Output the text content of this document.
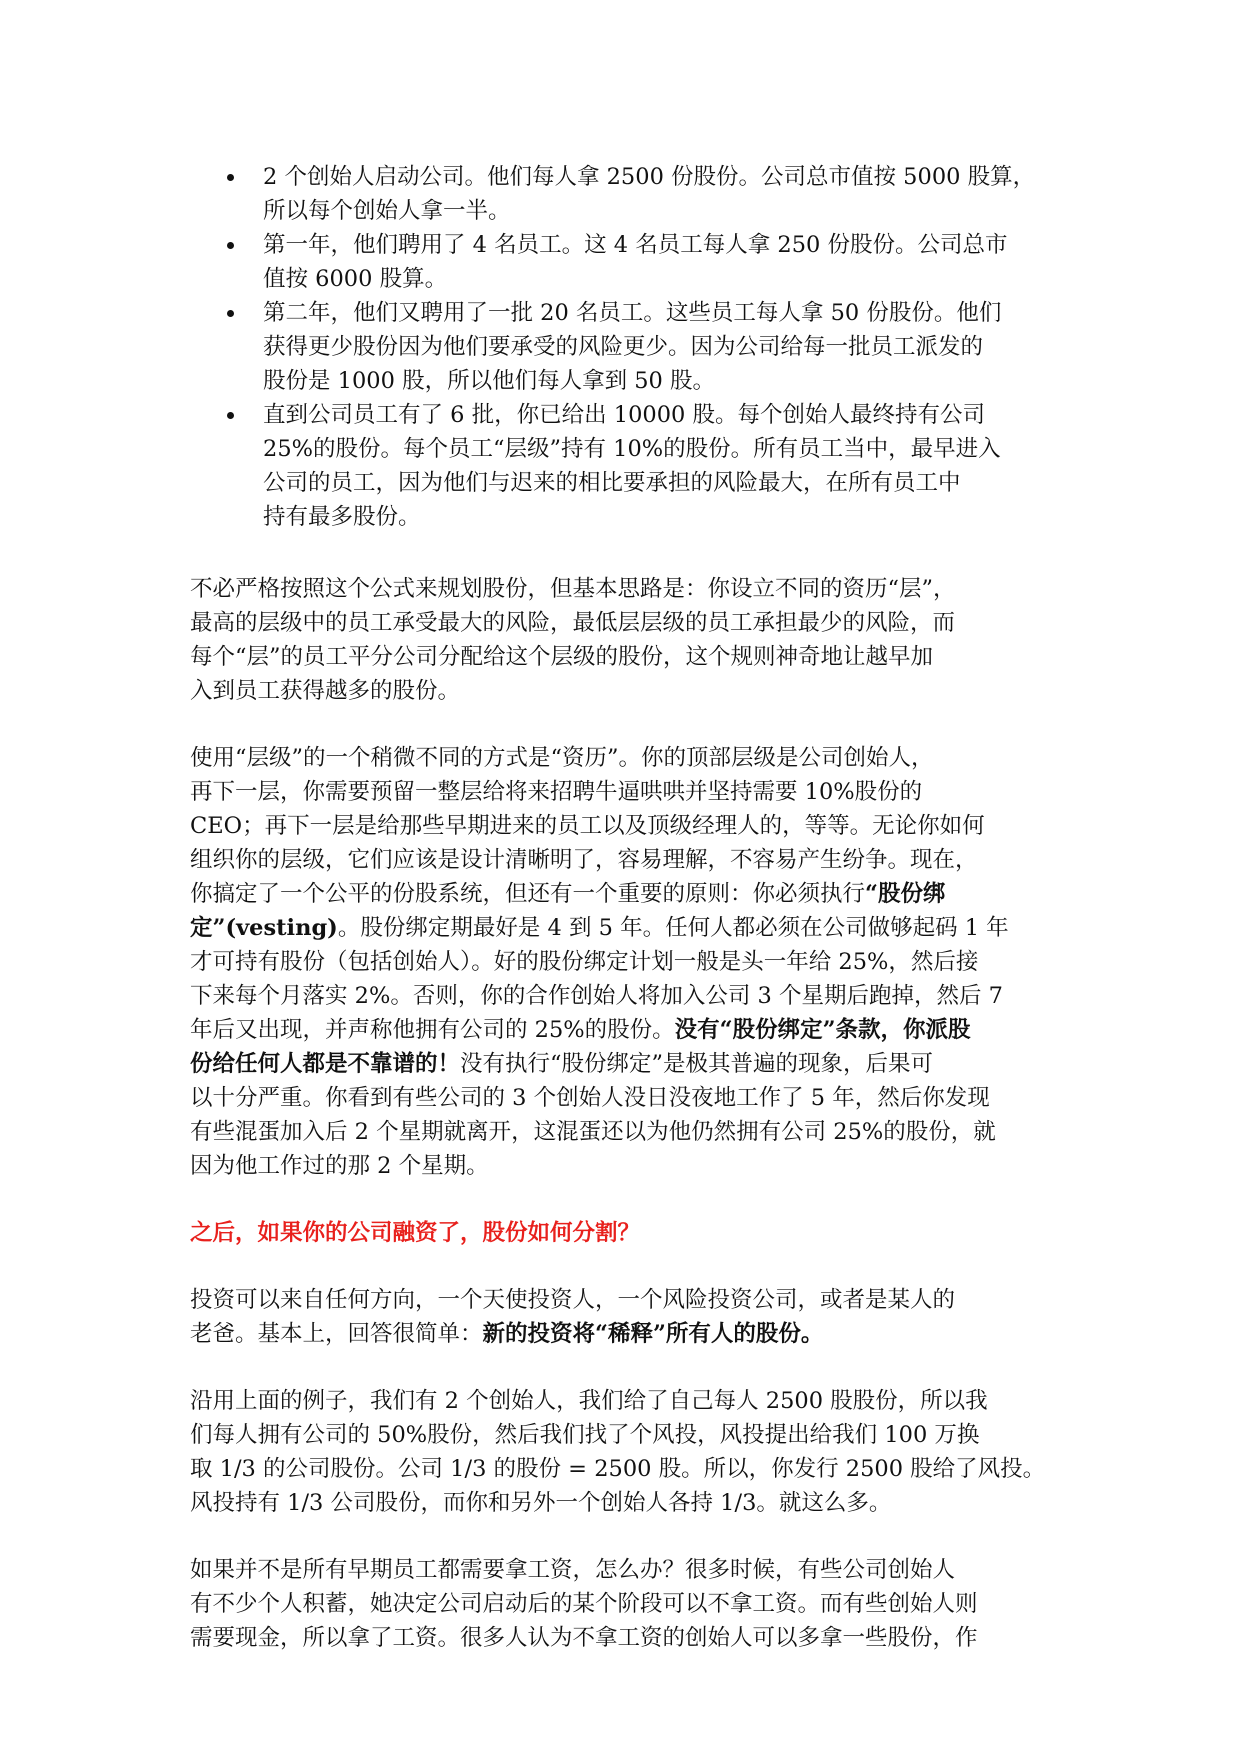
2 个创始人启动公司。他们每人拿 2500 份股份。公司总市值按 5000 股算，
所以每个创始人拿一半。
第一年，他们聘用了 4 名员工。这 4 名员工每人拿 250 份股份。公司总市
值按 6000 股算。
第二年，他们又聘用了一批 20 名员工。这些员工每人拿 50 份股份。他们
获得更少股份因为他们要承受的风险更少。因为公司给每一批员工派发的
股份是 1000 股，所以他们每人拿到 50 股。
直到公司员工有了 6 批，你已给出 10000 股。每个创始人最终持有公司
25%的股份。每个员工“层级”持有 10%的股份。所有员工当中，最早进入
公司的员工，因为他们与迟来的相比要承担的风险最大，在所有员工中
持有最多股份。

不必严格按照这个公式来规划股份，但基本思路是：你设立不同的资历“层”，
最高的层级中的员工承受最大的风险，最低层层级的员工承担最少的风险，而
每个“层”的员工平分公司分配给这个层级的股份，这个规则神奇地让越早加
入到员工获得越多的股份。

使用“层级”的一个稍微不同的方式是“资历”。你的顶部层级是公司创始人，
再下一层，你需要预留一整层给将来招聘牛逼哄哄并坚持需要 10%股份的
CEO；再下一层是给那些早期进来的员工以及顶级经理人的，等等。无论你如何
组织你的层级，它们应该是设计清晰明了，容易理解，不容易产生纷争。现在，
你搞定了一个公平的份股系统，但还有一个重要的原则：你必须执行“股份绑
定”(vesting)。股份绑定期最好是 4 到 5 年。任何人都必须在公司做够起码 1 年
才可持有股份（包括创始人）。好的股份绑定计划一般是头一年给 25%，然后接
下来每个月落实 2%。否则，你的合作创始人将加入公司 3 个星期后跑掉，然后 7
年后又出现，并声称他拥有公司的 25%的股份。没有“股份绑定”条款，你派股
份给任何人都是不靠谱的！没有执行“股份绑定”是极其普遍的现象，后果可
以十分严重。你看到有些公司的 3 个创始人没日没夜地工作了 5 年，然后你发现
有些混蛋加入后 2 个星期就离开，这混蛋还以为他仍然拥有公司 25%的股份，就
因为他工作过的那 2 个星期。

之后，如果你的公司融资了，股份如何分割？

投资可以来自任何方向，一个天使投资人，一个风险投资公司，或者是某人的
老爸。基本上，回答很简单：新的投资将“稀释”所有人的股份。

沿用上面的例子，我们有 2 个创始人，我们给了自己每人 2500 股股份，所以我
们每人拥有公司的 50%股份，然后我们找了个风投，风投提出给我们 100 万换
取 1/3 的公司股份。公司 1/3 的股份 = 2500 股。所以，你发行 2500 股给了风投。
风投持有 1/3 公司股份，而你和另外一个创始人各持 1/3。就这么多。

如果并不是所有早期员工都需要拿工资，怎么办？很多时候，有些公司创始人
有不少个人积蓄，她决定公司启动后的某个阶段可以不拿工资。而有些创始人则
需要现金，所以拿了工资。很多人认为不拿工资的创始人可以多拿一些股份，作
